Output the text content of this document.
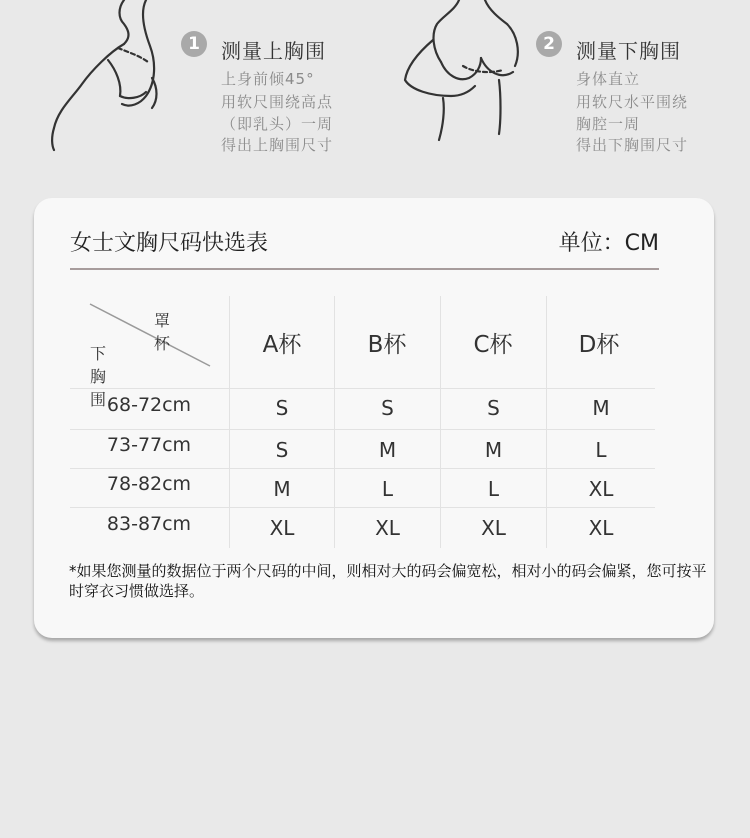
1	测量上胸围
上身前倾45°
用软尺围绕高点
（即乳头）一周
得出上胸围尺寸
2	测量下胸围
身体直立
用软尺水平围绕
胸腔一周
得出下胸围尺寸
女士文胸尺码快选表	单位：CM
罩杯
下胸围
A杯	B杯	C杯	D杯
68-72cm	S	S	S	M
73-77cm	S	M	M	L
78-82cm	M	L	L	XL
83-87cm	XL	XL	XL	XL
*如果您测量的数据位于两个尺码的中间，则相对大的码会偏宽松，相对小的码会偏紧，您可按平时穿衣习惯做选择。
